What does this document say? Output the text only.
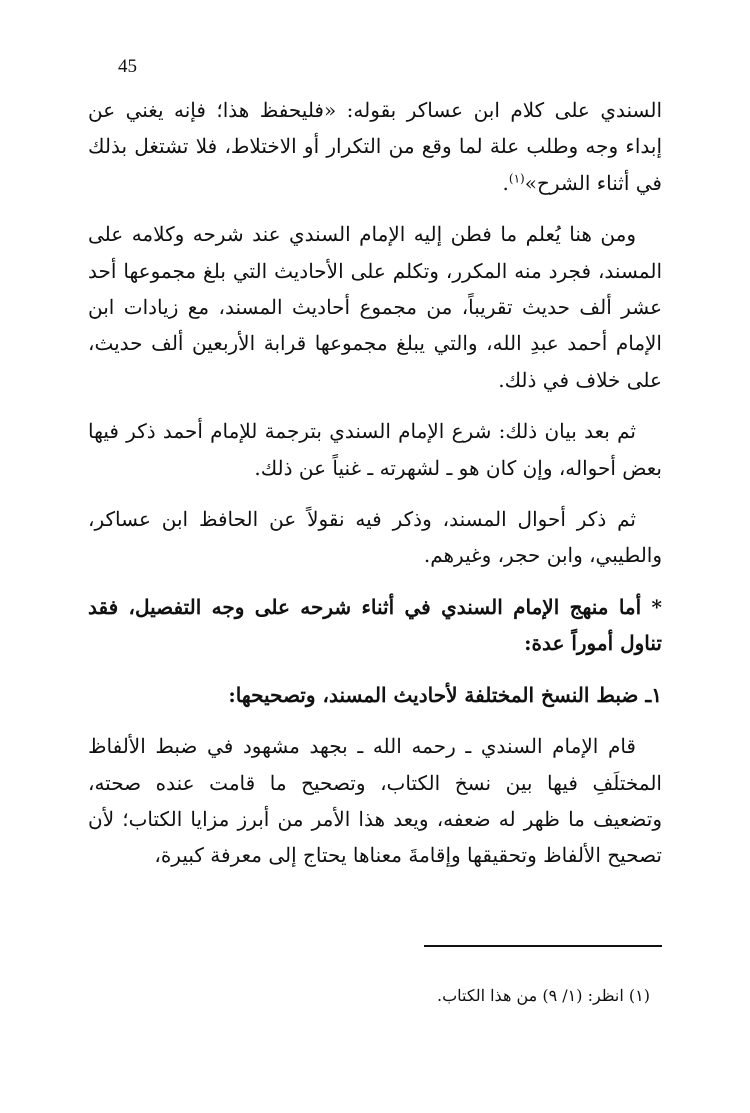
45

السندي على كلام ابن عساكر بقوله: «فليحفظ هذا؛ فإنه يغني عن إبداء وجه وطلب علة لما وقع من التكرار أو الاختلاط، فلا تشتغل بذلك في أثناء الشرح»$^{(١)}$.

ومن هنا يُعلم ما فطن إليه الإمام السندي عند شرحه وكلامه على المسند، فجرد منه المكرر، وتكلم على الأحاديث التي بلغ مجموعها أحد عشر ألف حديث تقريباً، من مجموع أحاديث المسند، مع زيادات ابن الإمام أحمد عبدِ الله، والتي يبلغ مجموعها قرابة الأربعين ألف حديث، على خلاف في ذلك.

ثم بعد بيان ذلك: شرع الإمام السندي بترجمة للإمام أحمد ذكر فيها بعض أحواله، وإن كان هو ـ لشهرته ـ غنياً عن ذلك.

ثم ذكر أحوال المسند، وذكر فيه نقولاً عن الحافظ ابن عساكر، والطيبي، وابن حجر، وغيرهم.

* أما منهج الإمام السندي في أثناء شرحه على وجه التفصيل، فقد تناول أموراً عدة:

١ـ ضبط النسخ المختلفة لأحاديث المسند، وتصحيحها:

قام الإمام السندي ـ رحمه الله ـ بجهد مشهود في ضبط الألفاظ المختلَفِ فيها بين نسخ الكتاب، وتصحيح ما قامت عنده صحته، وتضعيف ما ظهر له ضعفه، ويعد هذا الأمر من أبرز مزايا الكتاب؛ لأن تصحيح الألفاظ وتحقيقها وإقامةَ معناها يحتاج إلى معرفة كبيرة،

(١) انظر: (١/ ٩) من هذا الكتاب.
